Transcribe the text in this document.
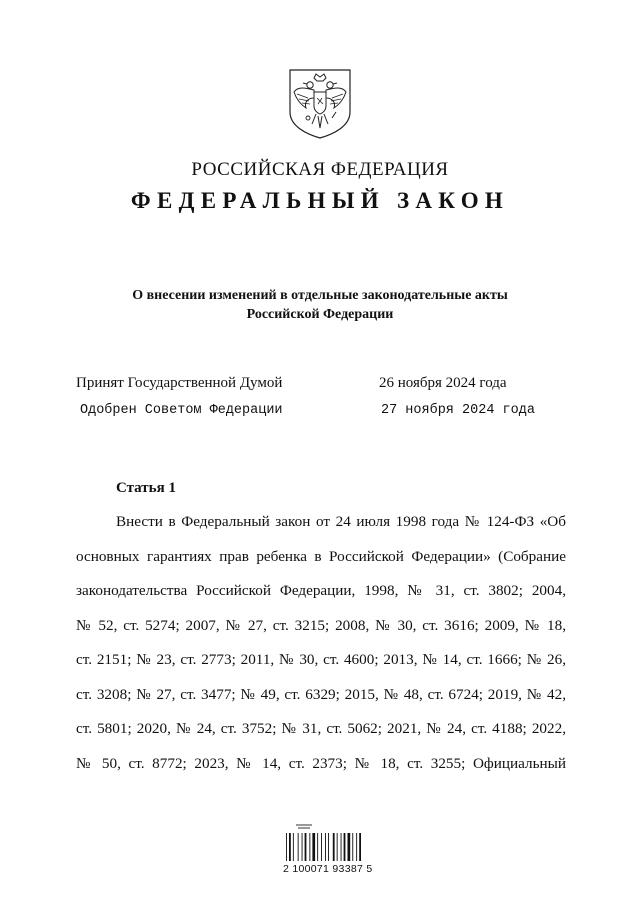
РОССИЙСКАЯ ФЕДЕРАЦИЯ
ФЕДЕРАЛЬНЫЙ ЗАКОН
О внесении изменений в отдельные законодательные акты
Российской Федерации
Принят Государственной Думой	26 ноября 2024 года
Одобрен Советом Федерации	27 ноября 2024 года
Статья 1
Внести в Федеральный закон от 24 июля 1998 года № 124-ФЗ «Об
основных гарантиях прав ребенка в Российской Федерации» (Собрание
законодательства Российской Федерации, 1998, № 31, ст. 3802; 2004,
№ 52, ст. 5274; 2007, № 27, ст. 3215; 2008, № 30, ст. 3616; 2009, № 18,
ст. 2151; № 23, ст. 2773; 2011, № 30, ст. 4600; 2013, № 14, ст. 1666; № 26,
ст. 3208; № 27, ст. 3477; № 49, ст. 6329; 2015, № 48, ст. 6724; 2019, № 42,
ст. 5801; 2020, № 24, ст. 3752; № 31, ст. 5062; 2021, № 24, ст. 4188; 2022,
№ 50, ст. 8772; 2023, № 14, ст. 2373; № 18, ст. 3255; Официальный
2 100071 93387 5
